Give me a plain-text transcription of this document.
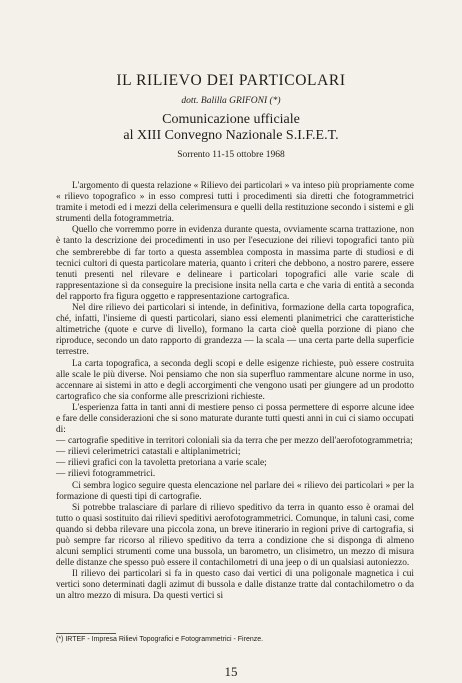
IL RILIEVO DEI PARTICOLARI
dott. Balilla GRIFONI (*)
Comunicazione ufficiale
al XIII Convegno Nazionale S.I.F.E.T.
Sorrento 11-15 ottobre 1968

L'argomento di questa relazione « Rilievo dei particolari » va inteso più propriamente come « rilievo topografico » in esso compresi tutti i procedimenti sia diretti che fotogrammetrici tramite i metodi ed i mezzi della celerimensura e quelli della restituzione secondo i sistemi e gli strumenti della fotogrammetria.

Quello che vorremmo porre in evidenza durante questa, ovviamente scarna trattazione, non è tanto la descrizione dei procedimenti in uso per l'esecuzione dei rilievi topografici tanto più che sembrerebbe di far torto a questa assemblea composta in massima parte di studiosi e di tecnici cultori di questa particolare materia, quanto i criteri che debbono, a nostro parere, essere tenuti presenti nel rilevare e delineare i particolari topografici alle varie scale di rappresentazione sì da conseguire la precisione insita nella carta e che varia di entità a seconda del rapporto fra figura oggetto e rappresentazione cartografica.

Nel dire rilievo dei particolari si intende, in definitiva, formazione della carta topografica, ché, infatti, l'insieme di questi particolari, siano essi elementi planimetrici che caratteristiche altimetriche (quote e curve di livello), formano la carta cioè quella porzione di piano che riproduce, secondo un dato rapporto di grandezza — la scala — una certa parte della superficie terrestre.

La carta topografica, a seconda degli scopi e delle esigenze richieste, può essere costruita alle scale le più diverse. Noi pensiamo che non sia superfluo rammentare alcune norme in uso, accennare ai sistemi in atto e degli accorgimenti che vengono usati per giungere ad un prodotto cartografico che sia conforme alle prescrizioni richieste.

L'esperienza fatta in tanti anni di mestiere penso ci possa permettere di esporre alcune idee e fare delle considerazioni che si sono maturate durante tutti questi anni in cui ci siamo occupati di:

— cartografie speditive in territori coloniali sia da terra che per mezzo dell'aerofotogrammetria;

— rilievi celerimetrici catastali e altiplanimetrici;

— rilievi grafici con la tavoletta pretoriana a varie scale;

— rilievi fotogrammetrici.

Ci sembra logico seguire questa elencazione nel parlare dei « rilievo dei particolari » per la formazione di questi tipi di cartografie.

Si potrebbe tralasciare di parlare di rilievo speditivo da terra in quanto esso è oramai del tutto o quasi sostituito dai rilievi speditivi aerofotogrammetrici. Comunque, in taluni casi, come quando si debba rilevare una piccola zona, un breve itinerario in regioni prive di cartografia, si può sempre far ricorso al rilievo speditivo da terra a condizione che si disponga di almeno alcuni semplici strumenti come una bussola, un barometro, un clisimetro, un mezzo di misura delle distanze che spesso può essere il contachilometri di una jeep o di un qualsiasi autoniezzo.

Il rilievo dei particolari si fa in questo caso dai vertici di una poligonale magnetica i cui vertici sono determinati dagli azimut di bussola e dalle distanze tratte dal contachilometro o da un altro mezzo di misura. Da questi vertici si

(*) IRTEF - Impresa Rilievi Topografici e Fotogrammetrici - Firenze.
15
